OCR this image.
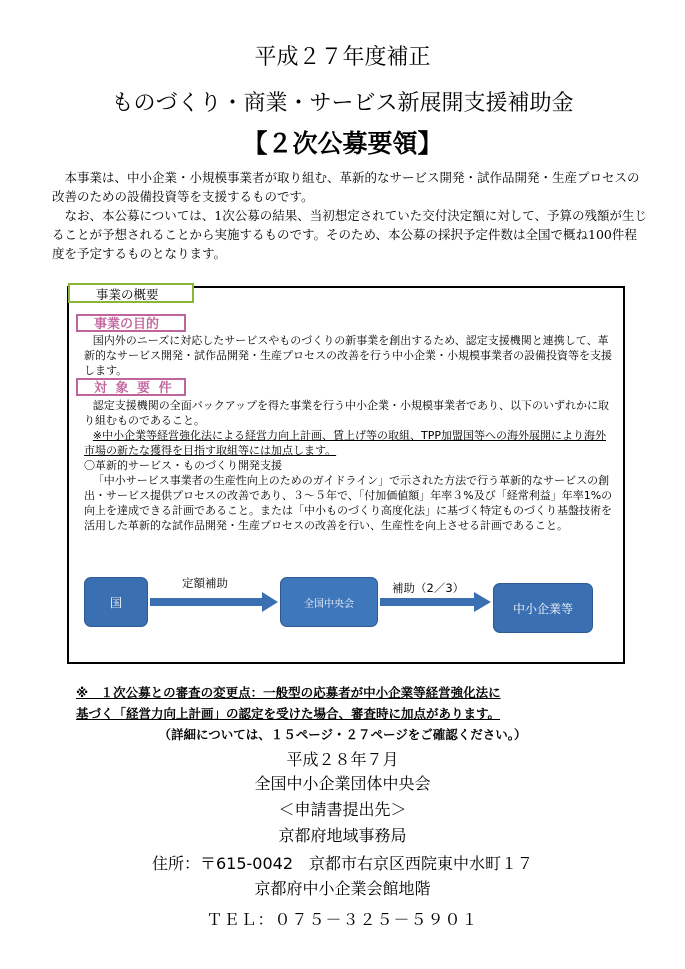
平成２７年度補正
ものづくり・商業・サービス新展開支援補助金
【２次公募要領】

本事業は、中小企業・小規模事業者が取り組む、革新的なサービス開発・試作品開発・生産プロセスの改善のための設備投資等を支援するものです。

なお、本公募については、1次公募の結果、当初想定されていた交付決定額に対して、予算の残額が生じることが予想されることから実施するものです。そのため、本公募の採択予定件数は全国で概ね100件程度を予定するものとなります。

事業の概要
事業の目的
国内外のニーズに対応したサービスやものづくりの新事業を創出するため、認定支援機関と連携して、革新的なサービス開発・試作品開発・生産プロセスの改善を行う中小企業・小規模事業者の設備投資等を支援します。
対 象 要 件
認定支援機関の全面バックアップを得た事業を行う中小企業・小規模事業者であり、以下のいずれかに取り組むものであること。
※中小企業等経営強化法による経営力向上計画、賃上げ等の取組、TPP加盟国等への海外展開により海外市場の新たな獲得を目指す取組等には加点します。
〇革新的サービス・ものづくり開発支援
「中小サービス事業者の生産性向上のためのガイドライン」で示された方法で行う革新的なサービスの創出・サービス提供プロセスの改善であり、３～５年で、「付加価値額」年率３%及び「経常利益」年率1%の向上を達成できる計画であること。または「中小ものづくり高度化法」に基づく特定ものづくり基盤技術を活用した革新的な試作品開発・生産プロセスの改善を行い、生産性を向上させる計画であること。
国	全国中央会	中小企業等
定額補助	補助（2／3）
※　１次公募との審査の変更点：一般型の応募者が中小企業等経営強化法に
基づく「経営力向上計画」の認定を受けた場合、審査時に加点があります。
（詳細については、１５ページ・２７ページをご確認ください。）
平成２８年７月
全国中小企業団体中央会
＜申請書提出先＞
京都府地域事務局
住所：〒615-0042　京都市右京区西院東中水町１７
京都府中小企業会館地階
ＴＥＬ：０７５－３２５－５９０１
